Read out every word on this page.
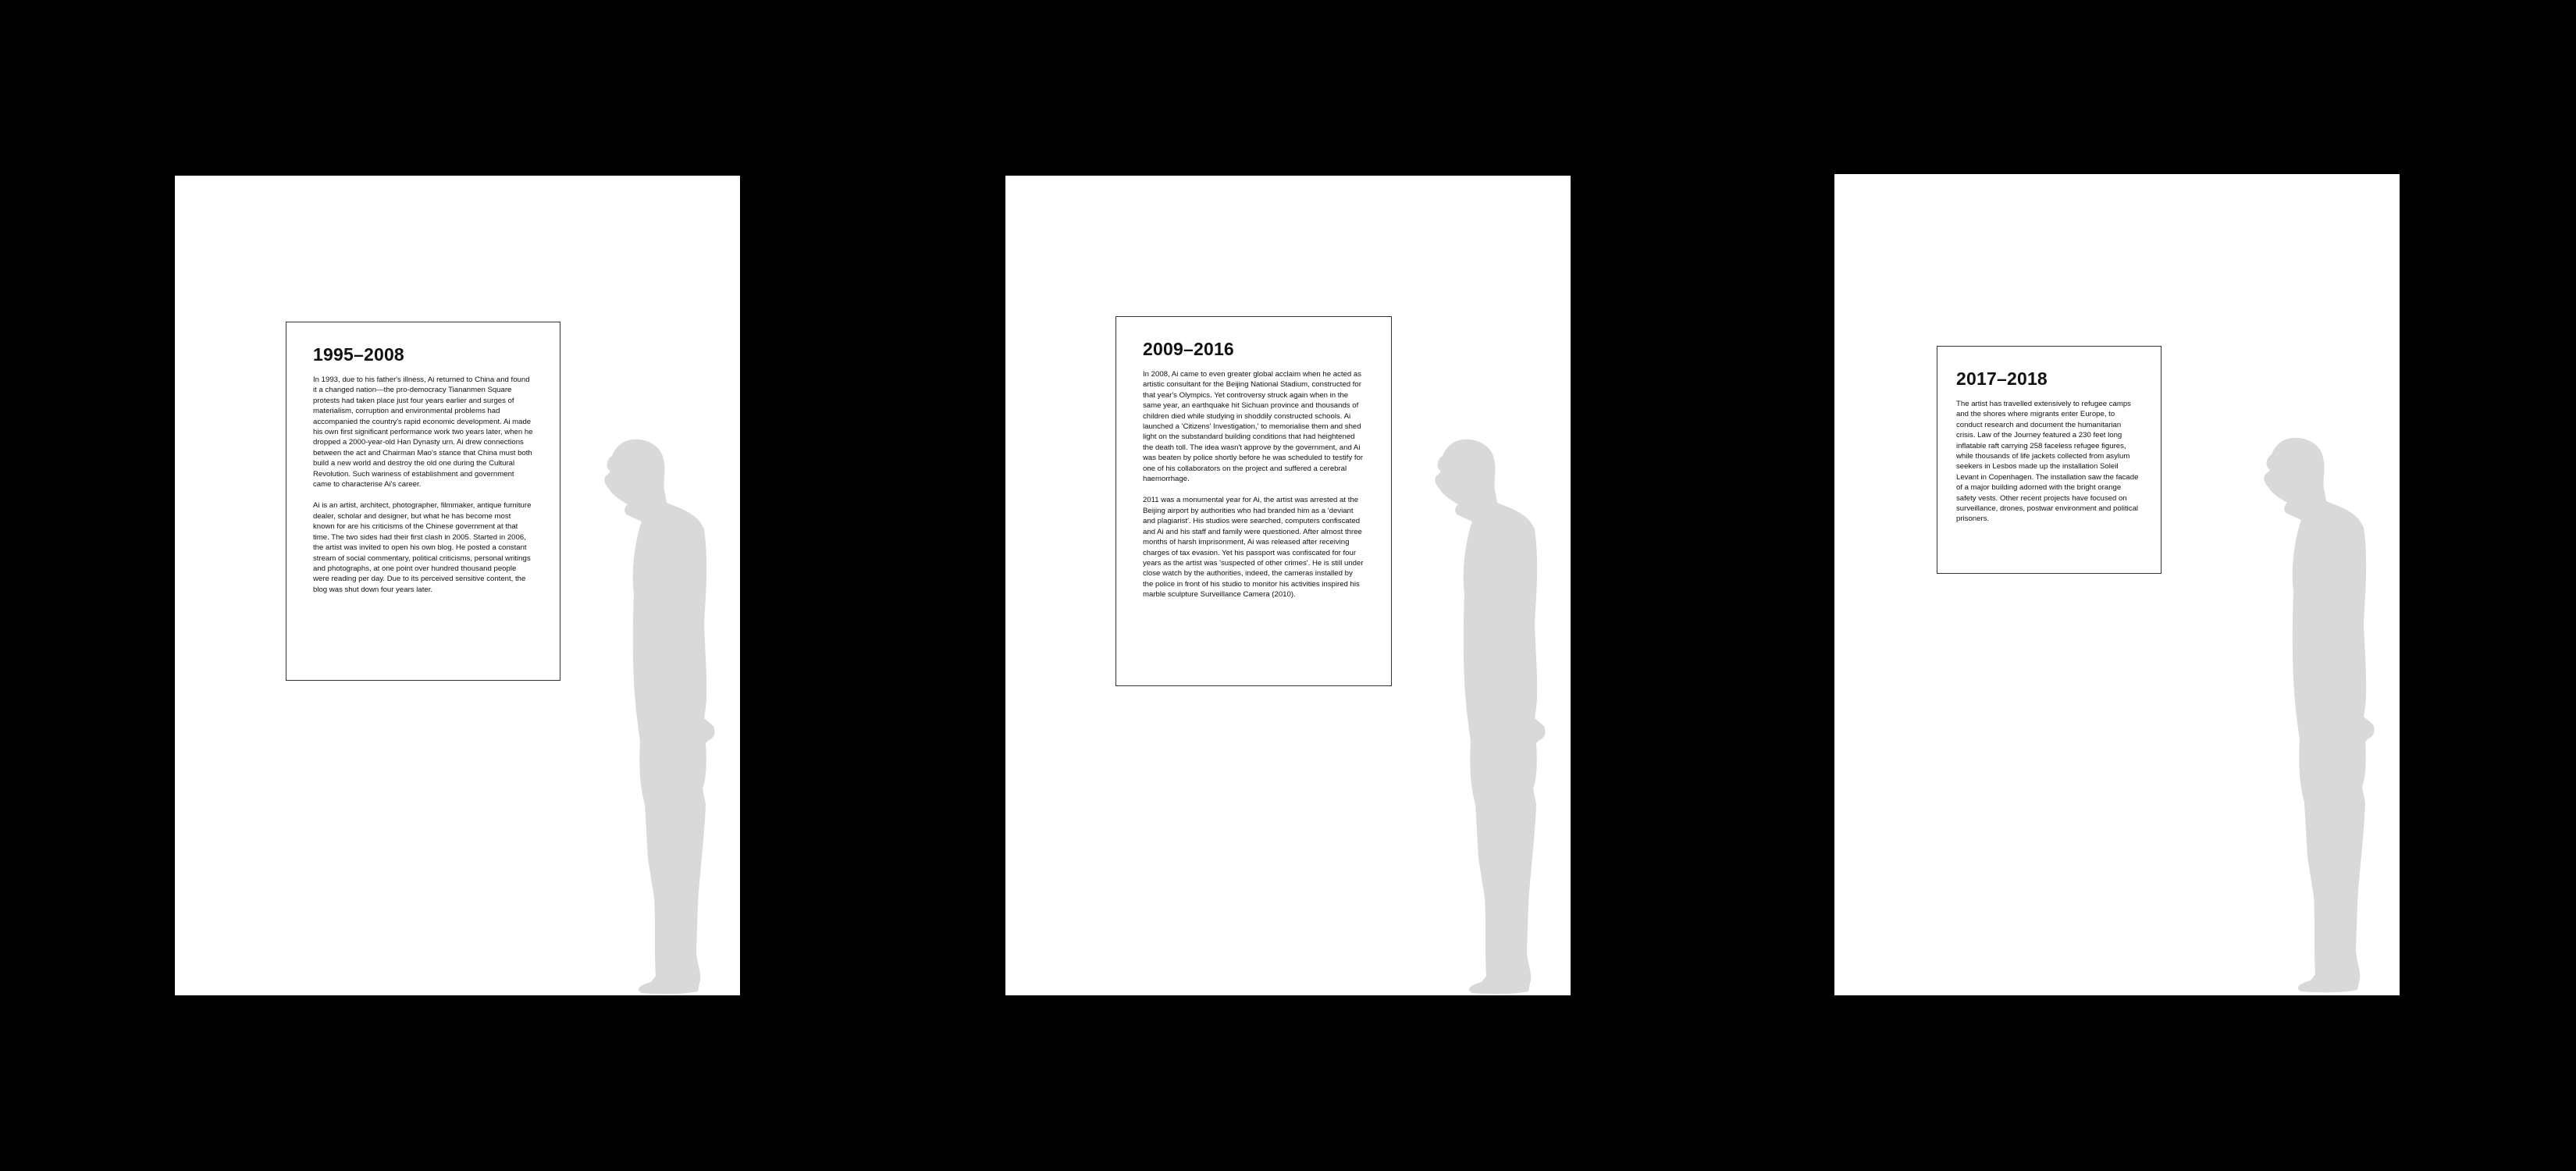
1995–2008

In 1993, due to his father's illness, Ai returned to China and found it a changed nation—the pro-democracy Tiananmen Square protests had taken place just four years earlier and surges of materialism, corruption and environmental problems had accompanied the country's rapid economic development. Ai made his own first significant performance work two years later, when he dropped a 2000-year-old Han Dynasty urn. Ai drew connections between the act and Chairman Mao's stance that China must both build a new world and destroy the old one during the Cultural Revolution. Such wariness of establishment and government came to characterise Ai's career.

Ai is an artist, architect, photographer, filmmaker, antique furniture dealer, scholar and designer, but what he has become most known for are his criticisms of the Chinese government at that time. The two sides had their first clash in 2005. Started in 2006, the artist was invited to open his own blog. He posted a constant stream of social commentary, political criticisms, personal writings and photographs, at one point over hundred thousand people were reading per day. Due to its perceived sensitive content, the blog was shut down four years later.

2009–2016

In 2008, Ai came to even greater global acclaim when he acted as artistic consultant for the Beijing National Stadium, constructed for that year's Olympics. Yet controversy struck again when in the same year, an earthquake hit Sichuan province and thousands of children died while studying in shoddily constructed schools. Ai launched a 'Citizens' Investigation,' to memorialise them and shed light on the substandard building conditions that had heightened the death toll. The idea wasn't approve by the government, and Ai was beaten by police shortly before he was scheduled to testify for one of his collaborators on the project and suffered a cerebral haemorrhage.

2011 was a monumental year for Ai, the artist was arrested at the Beijing airport by authorities who had branded him as a 'deviant and plagiarist'. His studios were searched, computers confiscated and Ai and his staff and family were questioned. After almost three months of harsh imprisonment, Ai was released after receiving charges of tax evasion. Yet his passport was confiscated for four years as the artist was 'suspected of other crimes'. He is still under close watch by the authorities, indeed, the cameras installed by the police in front of his studio to monitor his activities inspired his marble sculpture Surveillance Camera (2010).

2017–2018

The artist has travelled extensively to refugee camps and the shores where migrants enter Europe, to conduct research and document the humanitarian crisis. Law of the Journey featured a 230 feet long inflatable raft carrying 258 faceless refugee figures, while thousands of life jackets collected from asylum seekers in Lesbos made up the installation Soleil Levant in Copenhagen. The installation saw the facade of a major building adorned with the bright orange safety vests. Other recent projects have focused on surveillance, drones, postwar environment and political prisoners.
